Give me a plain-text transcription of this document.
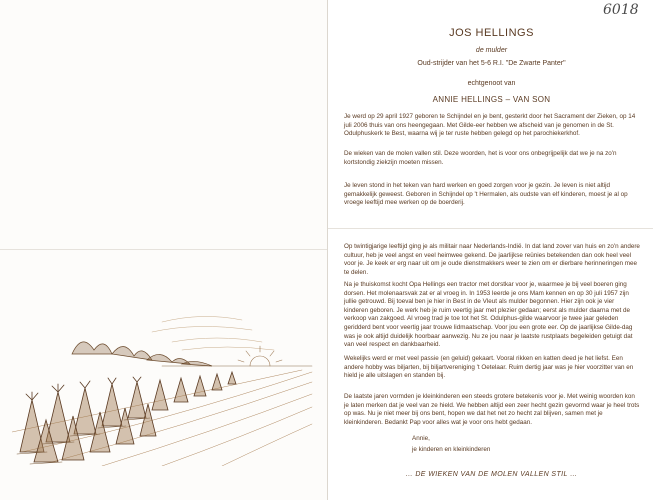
6018
JOS HELLINGS
de mulder
Oud-strijder van het 5-6 R.I. "De Zwarte Panter"
echtgenoot van
ANNIE HELLINGS – VAN SON

Je werd op 29 april 1927 geboren te Schijndel en je bent, gesterkt door het Sacrament der Zieken, op 14 juli 2006 thuis van ons heengegaan. Met Gilde-eer hebben we afscheid van je genomen in de St. Odulphuskerk te Best, waarna wij je ter ruste hebben gelegd op het parochiekerkhof.

De wieken van de molen vallen stil. Deze woorden, het is voor ons onbegrijpelijk dat we je na zo'n kortstondig ziekzijn moeten missen.

Je leven stond in het teken van hard werken en goed zorgen voor je gezin. Je leven is niet altijd gemakkelijk geweest. Geboren in Schijndel op 't Hermalen, als oudste van elf kinderen, moest je al op vroege leeftijd mee werken op de boerderij.

Op twintigjarige leeftijd ging je als militair naar Nederlands-Indië. In dat land zover van huis en zo'n andere cultuur, heb je veel angst en veel heimwee gekend. De jaarlijkse reünies betekenden dan ook heel veel voor je. Je keek er erg naar uit om je oude dienstmakkers weer te zien om er dierbare herinneringen mee te delen.

Na je thuiskomst kocht Opa Hellings een tractor met dorstkar voor je, waarmee je bij veel boeren ging dorsen. Het molenaarsvak zat er al vroeg in. In 1953 leerde je ons Mam kennen en op 30 juli 1957 zijn jullie getrouwd. Bij toeval ben je hier in Best in de Vleut als mulder begonnen. Hier zijn ook je vier kinderen geboren. Je werk heb je ruim veertig jaar met plezier gedaan; eerst als mulder daarna met de verkoop van zakgoed. Al vroeg trad je toe tot het St. Odulphus-gilde waarvoor je twee jaar geleden geridderd bent voor veertig jaar trouwe lidmaatschap. Voor jou een grote eer. Op de jaarlijkse Gilde-dag was je ook altijd duidelijk hoorbaar aanwezig. Nu ze jou naar je laatste rustplaats begeleiden getuigt dat van veel respect en dankbaarheid.

Wekelijks werd er met veel passie (en geluid) gekaart. Vooral rikken en katten deed je het liefst. Een andere hobby was biljarten, bij biljartvereniging 't Oetelaar. Ruim dertig jaar was je hier voorzitter van en hield je alle uitslagen en standen bij.

De laatste jaren vormden je kleinkinderen een steeds grotere betekenis voor je. Met weinig woorden kon je laten merken dat je veel van ze hield. We hebben altijd een zeer hecht gezin gevormd waar je heel trots op was. Nu je niet meer bij ons bent, hopen we dat het net zo hecht zal blijven, samen met je kleinkinderen. Bedankt Pap voor alles wat je voor ons hebt gedaan.

Annie,
je kinderen en kleinkinderen
… DE WIEKEN VAN DE MOLEN VALLEN STIL …
